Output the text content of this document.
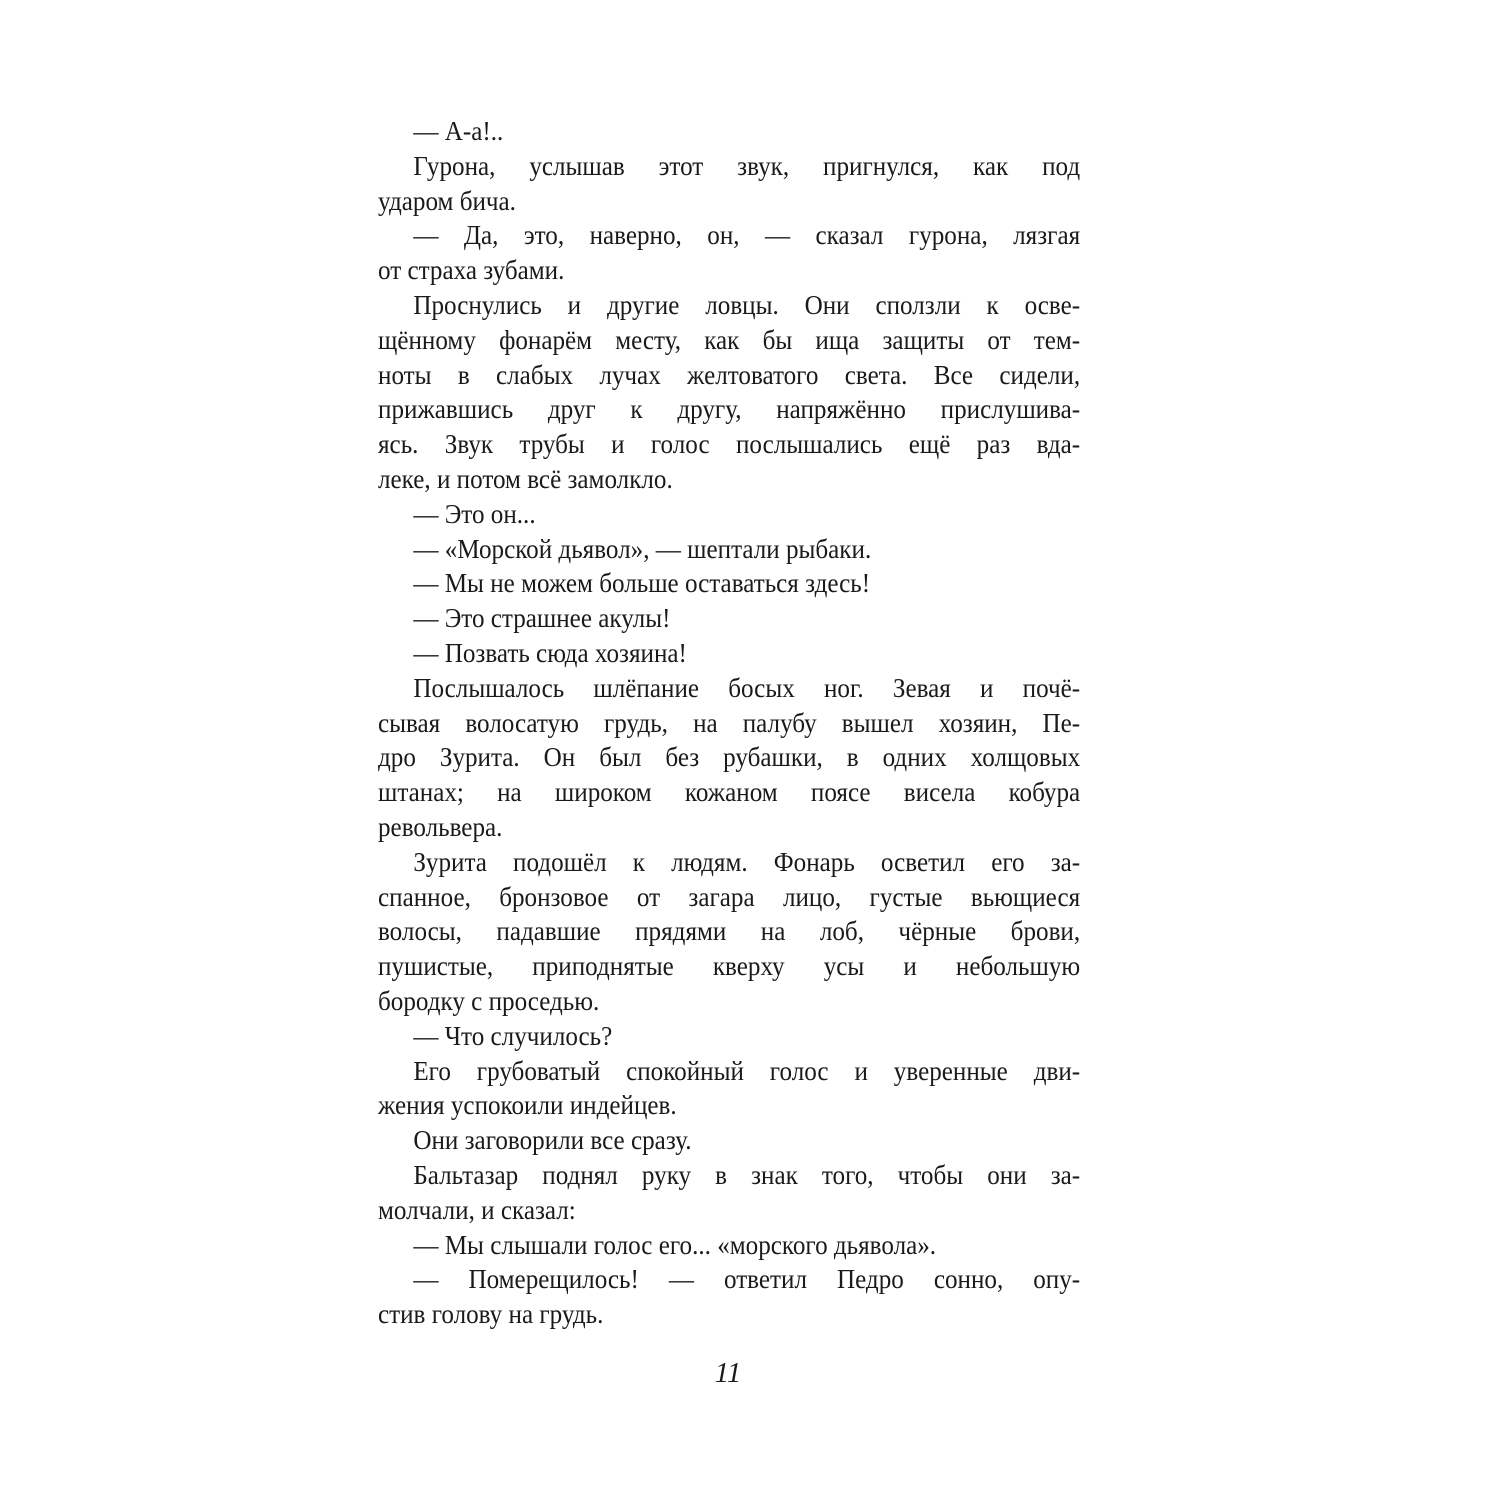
— А-а!..
Гурона, услышав этот звук, пригнулся, как под
ударом бича.
— Да, это, наверно, он, — сказал гурона, лязгая
от страха зубами.
Проснулись и другие ловцы. Они сползли к осве-
щённому фонарём месту, как бы ища защиты от тем-
ноты в слабых лучах желтоватого света. Все сидели,
прижавшись друг к другу, напряжённо прислушива-
ясь. Звук трубы и голос послышались ещё раз вда-
леке, и потом всё замолкло.
— Это он...
— «Морской дьявол», — шептали рыбаки.
— Мы не можем больше оставаться здесь!
— Это страшнее акулы!
— Позвать сюда хозяина!
Послышалось шлёпание босых ног. Зевая и почё-
сывая волосатую грудь, на палубу вышел хозяин, Пе-
дро Зурита. Он был без рубашки, в одних холщовых
штанах; на широком кожаном поясе висела кобура
револьвера.
Зурита подошёл к людям. Фонарь осветил его за-
спанное, бронзовое от загара лицо, густые вьющиеся
волосы, падавшие прядями на лоб, чёрные брови,
пушистые, приподнятые кверху усы и небольшую
бородку с проседью.
— Что случилось?
Его грубоватый спокойный голос и уверенные дви-
жения успокоили индейцев.
Они заговорили все сразу.
Бальтазар поднял руку в знак того, чтобы они за-
молчали, и сказал:
— Мы слышали голос его... «морского дьявола».
— Померещилось! — ответил Педро сонно, опу-
стив голову на грудь.
11
